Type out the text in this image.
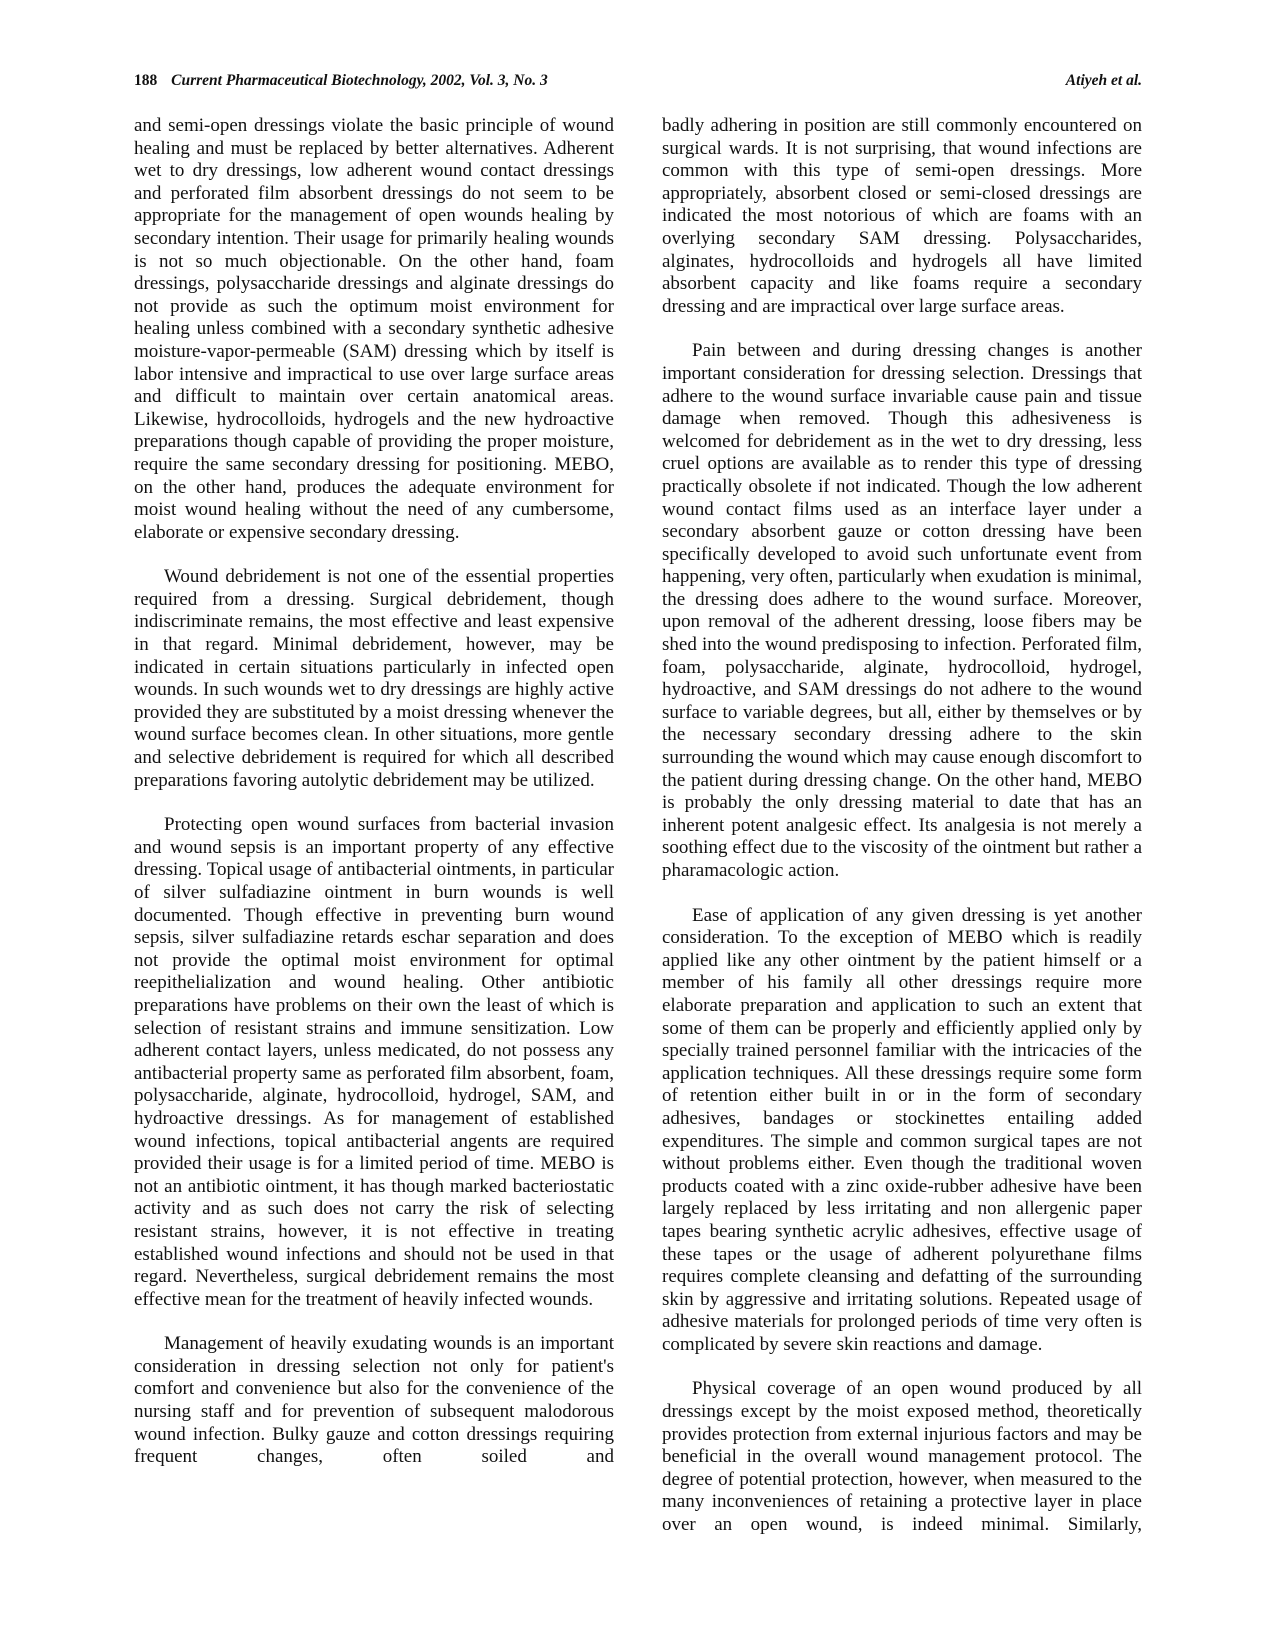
188 Current Pharmaceutical Biotechnology, 2002, Vol. 3, No. 3	Atiyeh et al.

and semi-open dressings violate the basic principle of wound healing and must be replaced by better alternatives. Adherent wet to dry dressings, low adherent wound contact dressings and perforated film absorbent dressings do not seem to be appropriate for the management of open wounds healing by secondary intention. Their usage for primarily healing wounds is not so much objectionable. On the other hand, foam dressings, polysaccharide dressings and alginate dressings do not provide as such the optimum moist environment for healing unless combined with a secondary synthetic adhesive moisture-vapor-permeable (SAM) dressing which by itself is labor intensive and impractical to use over large surface areas and difficult to maintain over certain anatomical areas. Likewise, hydrocolloids, hydrogels and the new hydroactive preparations though capable of providing the proper moisture, require the same secondary dressing for positioning. MEBO, on the other hand, produces the adequate environment for moist wound healing without the need of any cumbersome, elaborate or expensive secondary dressing.

Wound debridement is not one of the essential properties required from a dressing. Surgical debridement, though indiscriminate remains, the most effective and least expensive in that regard. Minimal debridement, however, may be indicated in certain situations particularly in infected open wounds. In such wounds wet to dry dressings are highly active provided they are substituted by a moist dressing whenever the wound surface becomes clean. In other situations, more gentle and selective debridement is required for which all described preparations favoring autolytic debridement may be utilized.

Protecting open wound surfaces from bacterial invasion and wound sepsis is an important property of any effective dressing. Topical usage of antibacterial ointments, in particular of silver sulfadiazine ointment in burn wounds is well documented. Though effective in preventing burn wound sepsis, silver sulfadiazine retards eschar separation and does not provide the optimal moist environment for optimal reepithelialization and wound healing. Other antibiotic preparations have problems on their own the least of which is selection of resistant strains and immune sensitization. Low adherent contact layers, unless medicated, do not possess any antibacterial property same as perforated film absorbent, foam, polysaccharide, alginate, hydrocolloid, hydrogel, SAM, and hydroactive dressings. As for management of established wound infections, topical antibacterial angents are required provided their usage is for a limited period of time. MEBO is not an antibiotic ointment, it has though marked bacteriostatic activity and as such does not carry the risk of selecting resistant strains, however, it is not effective in treating established wound infections and should not be used in that regard. Nevertheless, surgical debridement remains the most effective mean for the treatment of heavily infected wounds.

Management of heavily exudating wounds is an important consideration in dressing selection not only for patient's comfort and convenience but also for the convenience of the nursing staff and for prevention of subsequent malodorous wound infection. Bulky gauze and cotton dressings requiring frequent changes, often soiled and

badly adhering in position are still commonly encountered on surgical wards. It is not surprising, that wound infections are common with this type of semi-open dressings. More appropriately, absorbent closed or semi-closed dressings are indicated the most notorious of which are foams with an overlying secondary SAM dressing. Polysaccharides, alginates, hydrocolloids and hydrogels all have limited absorbent capacity and like foams require a secondary dressing and are impractical over large surface areas.

Pain between and during dressing changes is another important consideration for dressing selection. Dressings that adhere to the wound surface invariable cause pain and tissue damage when removed. Though this adhesiveness is welcomed for debridement as in the wet to dry dressing, less cruel options are available as to render this type of dressing practically obsolete if not indicated. Though the low adherent wound contact films used as an interface layer under a secondary absorbent gauze or cotton dressing have been specifically developed to avoid such unfortunate event from happening, very often, particularly when exudation is minimal, the dressing does adhere to the wound surface. Moreover, upon removal of the adherent dressing, loose fibers may be shed into the wound predisposing to infection. Perforated film, foam, polysaccharide, alginate, hydrocolloid, hydrogel, hydroactive, and SAM dressings do not adhere to the wound surface to variable degrees, but all, either by themselves or by the necessary secondary dressing adhere to the skin surrounding the wound which may cause enough discomfort to the patient during dressing change. On the other hand, MEBO is probably the only dressing material to date that has an inherent potent analgesic effect. Its analgesia is not merely a soothing effect due to the viscosity of the ointment but rather a pharamacologic action.

Ease of application of any given dressing is yet another consideration. To the exception of MEBO which is readily applied like any other ointment by the patient himself or a member of his family all other dressings require more elaborate preparation and application to such an extent that some of them can be properly and efficiently applied only by specially trained personnel familiar with the intricacies of the application techniques. All these dressings require some form of retention either built in or in the form of secondary adhesives, bandages or stockinettes entailing added expenditures. The simple and common surgical tapes are not without problems either. Even though the traditional woven products coated with a zinc oxide-rubber adhesive have been largely replaced by less irritating and non allergenic paper tapes bearing synthetic acrylic adhesives, effective usage of these tapes or the usage of adherent polyurethane films requires complete cleansing and defatting of the surrounding skin by aggressive and irritating solutions. Repeated usage of adhesive materials for prolonged periods of time very often is complicated by severe skin reactions and damage.

Physical coverage of an open wound produced by all dressings except by the moist exposed method, theoretically provides protection from external injurious factors and may be beneficial in the overall wound management protocol. The degree of potential protection, however, when measured to the many inconveniences of retaining a protective layer in place over an open wound, is indeed minimal. Similarly,
